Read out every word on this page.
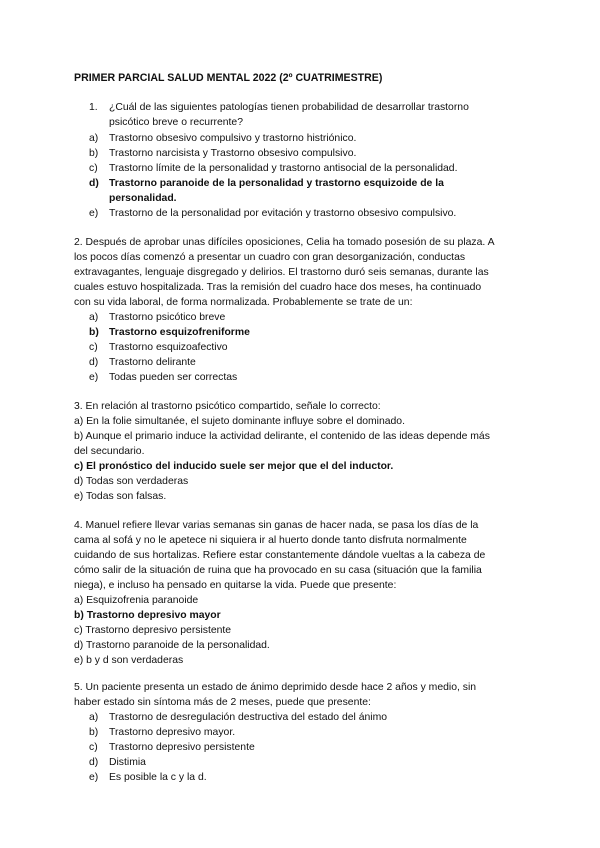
PRIMER PARCIAL SALUD MENTAL 2022 (2º CUATRIMESTRE)
1. ¿Cuál de las siguientes patologías tienen probabilidad de desarrollar trastorno
psicótico breve o recurrente?
a) Trastorno obsesivo compulsivo y trastorno histriónico.
b) Trastorno narcisista y Trastorno obsesivo compulsivo.
c) Trastorno límite de la personalidad y trastorno antisocial de la personalidad.
d) Trastorno paranoide de la personalidad y trastorno esquizoide de la
personalidad.
e) Trastorno de la personalidad por evitación y trastorno obsesivo compulsivo.
2. Después de aprobar unas difíciles oposiciones, Celia ha tomado posesión de su plaza. A
los pocos días comenzó a presentar un cuadro con gran desorganización, conductas
extravagantes, lenguaje disgregado y delirios. El trastorno duró seis semanas, durante las
cuales estuvo hospitalizada. Tras la remisión del cuadro hace dos meses, ha continuado
con su vida laboral, de forma normalizada. Probablemente se trate de un:
a) Trastorno psicótico breve
b) Trastorno esquizofreniforme
c) Trastorno esquizoafectivo
d) Trastorno delirante
e) Todas pueden ser correctas
3. En relación al trastorno psicótico compartido, señale lo correcto:
a) En la folie simultanée, el sujeto dominante influye sobre el dominado.
b) Aunque el primario induce la actividad delirante, el contenido de las ideas depende más
del secundario.
c) El pronóstico del inducido suele ser mejor que el del inductor.
d) Todas son verdaderas
e) Todas son falsas.
4. Manuel refiere llevar varias semanas sin ganas de hacer nada, se pasa los días de la
cama al sofá y no le apetece ni siquiera ir al huerto donde tanto disfruta normalmente
cuidando de sus hortalizas. Refiere estar constantemente dándole vueltas a la cabeza de
cómo salir de la situación de ruina que ha provocado en su casa (situación que la familia
niega), e incluso ha pensado en quitarse la vida. Puede que presente:
a) Esquizofrenia paranoide
b) Trastorno depresivo mayor
c) Trastorno depresivo persistente
d) Trastorno paranoide de la personalidad.
e) b y d son verdaderas
5. Un paciente presenta un estado de ánimo deprimido desde hace 2 años y medio, sin
haber estado sin síntoma más de 2 meses, puede que presente:
a) Trastorno de desregulación destructiva del estado del ánimo
b) Trastorno depresivo mayor.
c) Trastorno depresivo persistente
d) Distimia
e) Es posible la c y la d.
